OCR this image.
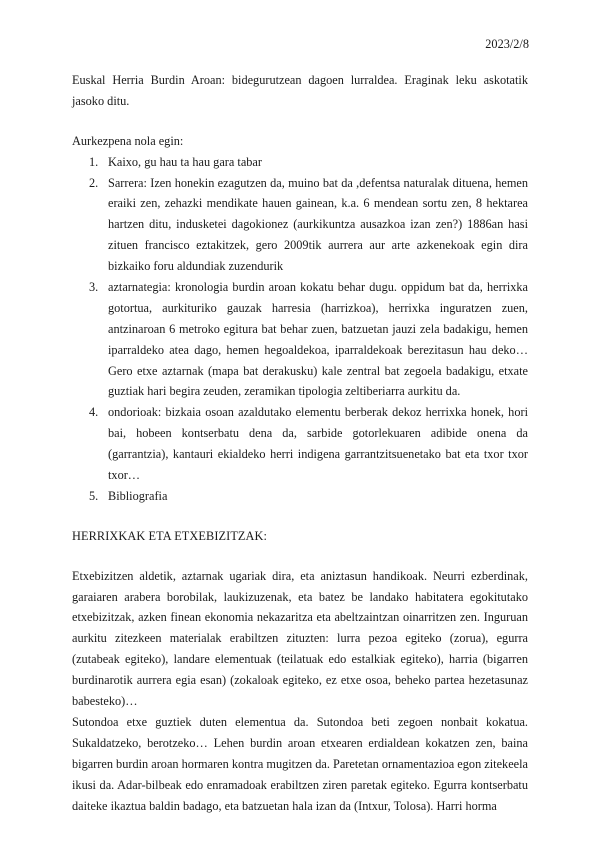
2023/2/8

Euskal Herria Burdin Aroan: bidegurutzean dagoen lurraldea. Eraginak leku askotatik jasoko ditu.

Aurkezpena nola egin:

1. Kaixo, gu hau ta hau gara tabar
2. Sarrera: Izen honekin ezagutzen da, muino bat da ,defentsa naturalak dituena, hemen eraiki zen, zehazki mendikate hauen gainean, k.a. 6 mendean sortu zen, 8 hektarea hartzen ditu, indusketei dagokionez (aurkikuntza ausazkoa izan zen?) 1886an hasi zituen francisco eztakitzek, gero 2009tik aurrera aur arte azkenekoak egin dira bizkaiko foru aldundiak zuzendurik
3. aztarnategia: kronologia burdin aroan kokatu behar dugu. oppidum bat da, herrixka gotortua, aurkituriko gauzak harresia (harrizkoa), herrixka inguratzen zuen, antzinaroan 6 metroko egitura bat behar zuen, batzuetan jauzi zela badakigu, hemen iparraldeko atea dago, hemen hegoaldekoa, iparraldekoak berezitasun hau deko… Gero etxe aztarnak (mapa bat derakusku) kale zentral bat zegoela badakigu, etxate guztiak hari begira zeuden, zeramikan tipologia zeltiberiarra aurkitu da.
4. ondorioak: bizkaia osoan azaldutako elementu berberak dekoz herrixka honek, hori bai, hobeen kontserbatu dena da, sarbide gotorlekuaren adibide onena da (garrantzia), kantauri ekialdeko herri indigena garrantzitsuenetako bat eta txor txor txor…
5. Bibliografia

HERRIXKAK ETA ETXEBIZITZAK:

Etxebizitzen aldetik, aztarnak ugariak dira, eta aniztasun handikoak. Neurri ezberdinak, garaiaren arabera borobilak, laukizuzenak, eta batez be landako habitatera egokitutako etxebizitzak, azken finean ekonomia nekazaritza eta abeltzaintzan oinarritzen zen. Inguruan aurkitu zitezkeen materialak erabiltzen zituzten: lurra pezoa egiteko (zorua), egurra (zutabeak egiteko), landare elementuak (teilatuak edo estalkiak egiteko), harria (bigarren burdinarotik aurrera egia esan) (zokaloak egiteko, ez etxe osoa, beheko partea hezetasunaz babesteko)…

Sutondoa etxe guztiek duten elementua da. Sutondoa beti zegoen nonbait kokatua. Sukaldatzeko, berotzeko… Lehen burdin aroan etxearen erdialdean kokatzen zen, baina bigarren burdin aroan hormaren kontra mugitzen da. Paretetan ornamentazioa egon zitekeela ikusi da. Adar-bilbeak edo enramadoak erabiltzen ziren paretak egiteko. Egurra kontserbatu daiteke ikaztua baldin badago, eta batzuetan hala izan da (Intxur, Tolosa). Harri horma
